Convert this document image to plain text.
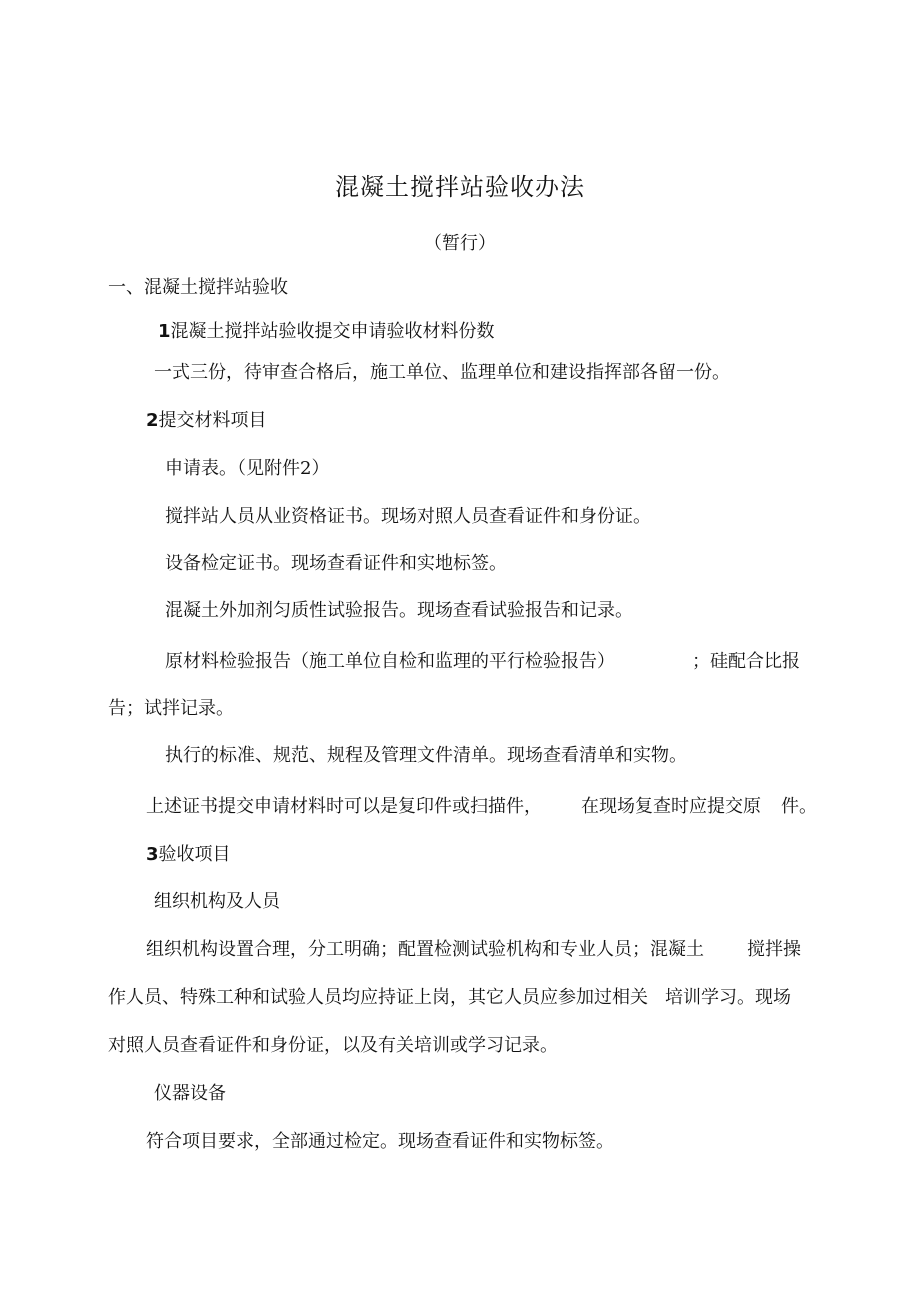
混凝土搅拌站验收办法
（暂行）
一、混凝土搅拌站验收
1混凝土搅拌站验收提交申请验收材料份数
一式三份，待审查合格后，施工单位、监理单位和建设指挥部各留一份。
2提交材料项目
申请表。（见附件2）
搅拌站人员从业资格证书。现场对照人员查看证件和身份证。
设备检定证书。现场查看证件和实地标签。
混凝土外加剂匀质性试验报告。现场查看试验报告和记录。
原材料检验报告（施工单位自检和监理的平行检验报告）	；硅配合比报
告；试拌记录。
执行的标准、规范、规程及管理文件清单。现场查看清单和实物。
上述证书提交申请材料时可以是复印件或扫描件， 在现场复查时应提交原 件。
3验收项目
组织机构及人员
组织机构设置合理，分工明确；配置检测试验机构和专业人员；混凝土 搅拌操
作人员、特殊工种和试验人员均应持证上岗，其它人员应参加过相关 培训学习。现场
对照人员查看证件和身份证，以及有关培训或学习记录。
仪器设备
符合项目要求，全部通过检定。现场查看证件和实物标签。
